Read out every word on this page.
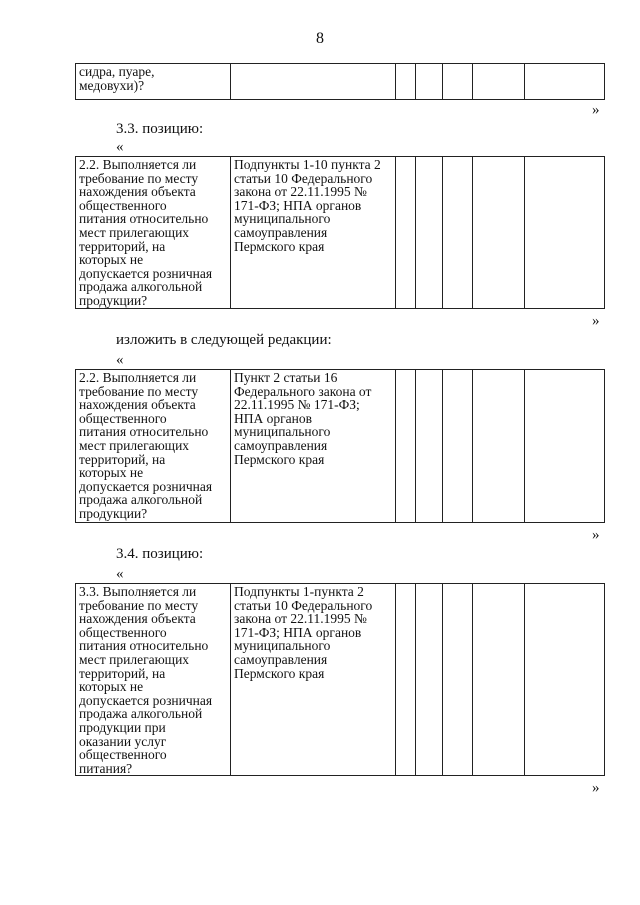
8
сидра, пуаре,
медовухи)?						
»
3.3. позицию:
«
2.2. Выполняется ли
требование по месту
нахождения объекта
общественного
питания относительно
мест прилегающих
территорий, на
которых не
допускается розничная
продажа алкогольной
продукции?	Подпункты 1-10 пункта 2
статьи 10 Федерального
закона от 22.11.1995 №
171-ФЗ; НПА органов
муниципального
самоуправления
Пермского края					
»
изложить в следующей редакции:
«
2.2. Выполняется ли
требование по месту
нахождения объекта
общественного
питания относительно
мест прилегающих
территорий, на
которых не
допускается розничная
продажа алкогольной
продукции?	Пункт 2 статьи 16
Федерального закона от
22.11.1995 № 171-ФЗ;
НПА органов
муниципального
самоуправления
Пермского края					
»
3.4. позицию:
«
3.3. Выполняется ли
требование по месту
нахождения объекта
общественного
питания относительно
мест прилегающих
территорий, на
которых не
допускается розничная
продажа алкогольной
продукции при
оказании услуг
общественного
питания?	Подпункты 1-пункта 2
статьи 10 Федерального
закона от 22.11.1995 №
171-ФЗ; НПА органов
муниципального
самоуправления
Пермского края					
»
